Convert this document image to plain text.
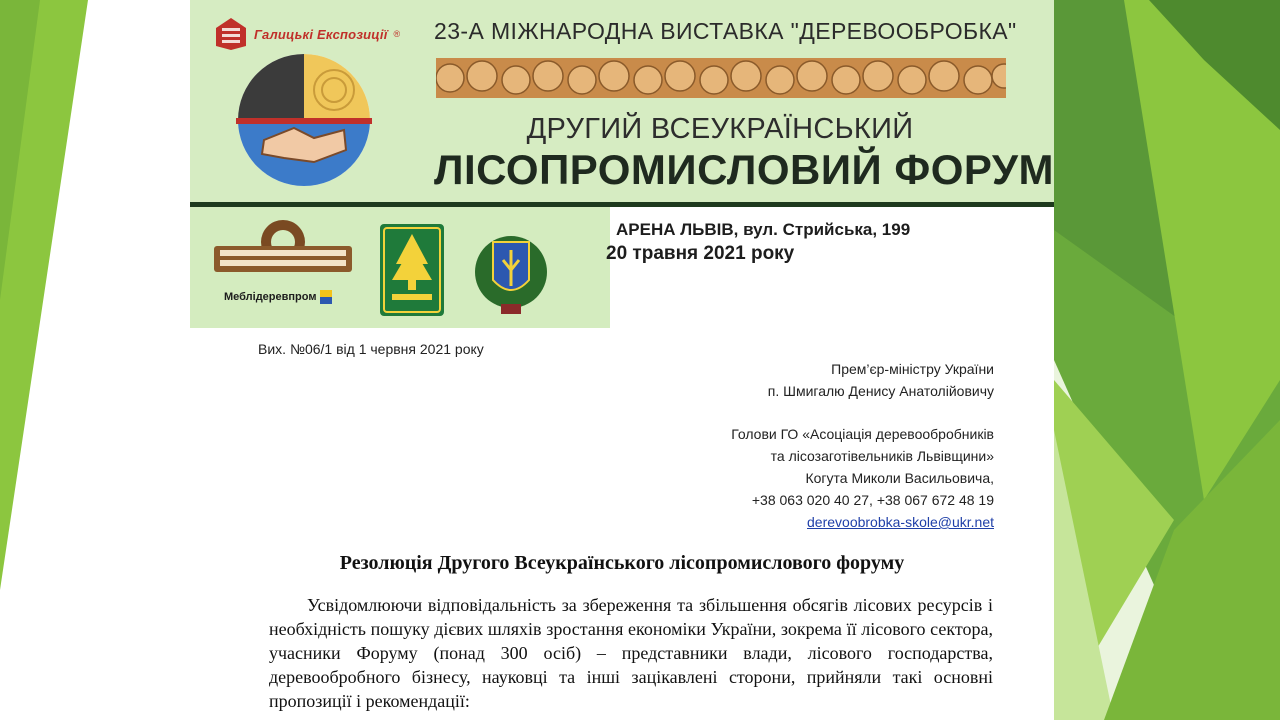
Галицькі Експозиції ® 23-А МІЖНАРОДНА ВИСТАВКА "ДЕРЕВООБРОБКА"
ДРУГИЙ ВСЕУКРАЇНСЬКИЙ
ЛІСОПРОМИСЛОВИЙ ФОРУМ
Меблідеревпром
АРЕНА ЛЬВІВ, вул. Стрийська, 199
20 травня 2021 року
Вих. №06/1 від 1 червня 2021 року
Прем’єр-міністру України
п. Шмигалю Денису Анатолійовичу
Голови ГО «Асоціація деревообробників
та лісозаготівельників Львівщини»
Когута Миколи Васильовича,
+38 063 020 40 27, +38 067 672 48 19
derevoobrobka-skole@ukr.net
Резолюція Другого Всеукраїнського лісопромислового форуму
Усвідомлюючи відповідальність за збереження та збільшення обсягів лісових ресурсів і необхідність пошуку дієвих шляхів зростання економіки України, зокрема її лісового сектора, учасники Форуму (понад 300 осіб) – представники влади, лісового господарства, деревообробного бізнесу, науковці та інші зацікавлені сторони, прийняли такі основні пропозиції і рекомендації:
